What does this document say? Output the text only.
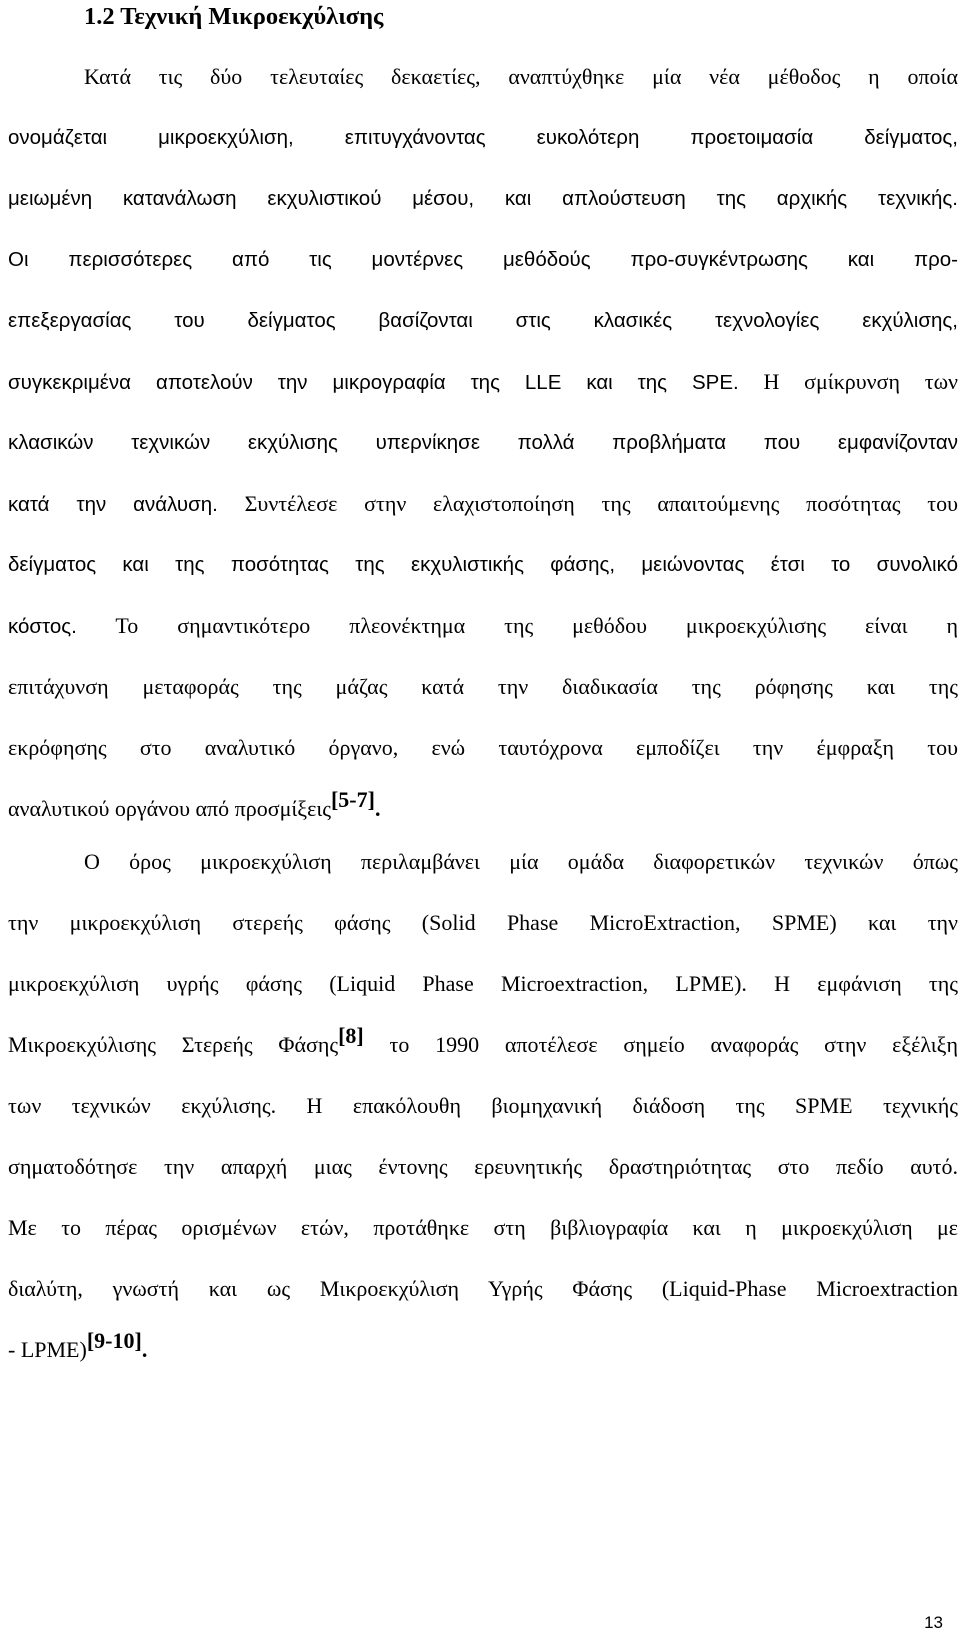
1.2 Τεχνική Μικροεκχύλισης
Κατά τις δύο τελευταίες δεκαετίες, αναπτύχθηκε μία νέα μέθοδος η οποία
ονομάζεται μικροεκχύλιση, επιτυγχάνοντας ευκολότερη προετοιμασία δείγματος,
μειωμένη κατανάλωση εκχυλιστικού μέσου, και απλούστευση της αρχικής τεχνικής.
Οι περισσότερες από τις μοντέρνες μεθόδούς προ-συγκέντρωσης και προ-
επεξεργασίας του δείγματος βασίζονται στις κλασικές τεχνολογίες εκχύλισης,
συγκεκριμένα αποτελούν την μικρογραφία της LLE και της SPE. Η σμίκρυνση των
κλασικών τεχνικών εκχύλισης υπερνίκησε πολλά προβλήματα που εμφανίζονταν
κατά την ανάλυση. Συντέλεσε στην ελαχιστοποίηση της απαιτούμενης ποσότητας του
δείγματος και της ποσότητας της εκχυλιστικής φάσης, μειώνοντας έτσι το συνολικό
κόστος. Το σημαντικότερο πλεονέκτημα της μεθόδου μικροεκχύλισης είναι η
επιτάχυνση μεταφοράς της μάζας κατά την διαδικασία της ρόφησης και της
εκρόφησης στο αναλυτικό όργανο, ενώ ταυτόχρονα εμποδίζει την έμφραξη του
αναλυτικού οργάνου από προσμίξεις[5-7].
Ο όρος μικροεκχύλιση περιλαμβάνει μία ομάδα διαφορετικών τεχνικών όπως
την μικροεκχύλιση στερεής φάσης (Solid Phase MicroExtraction, SPME) και την
μικροεκχύλιση υγρής φάσης (Liquid Phase Microextraction, LPME). Η εμφάνιση της
Μικροεκχύλισης Στερεής Φάσης[8] το 1990 αποτέλεσε σημείο αναφοράς στην εξέλιξη
των τεχνικών εκχύλισης. Η επακόλουθη βιομηχανική διάδοση της SPME τεχνικής
σηματοδότησε την απαρχή μιας έντονης ερευνητικής δραστηριότητας στο πεδίο αυτό.
Με το πέρας ορισμένων ετών, προτάθηκε στη βιβλιογραφία και η μικροεκχύλιση με
διαλύτη, γνωστή και ως Μικροεκχύλιση Υγρής Φάσης (Liquid-Phase Microextraction
- LPME)[9-10].
13
